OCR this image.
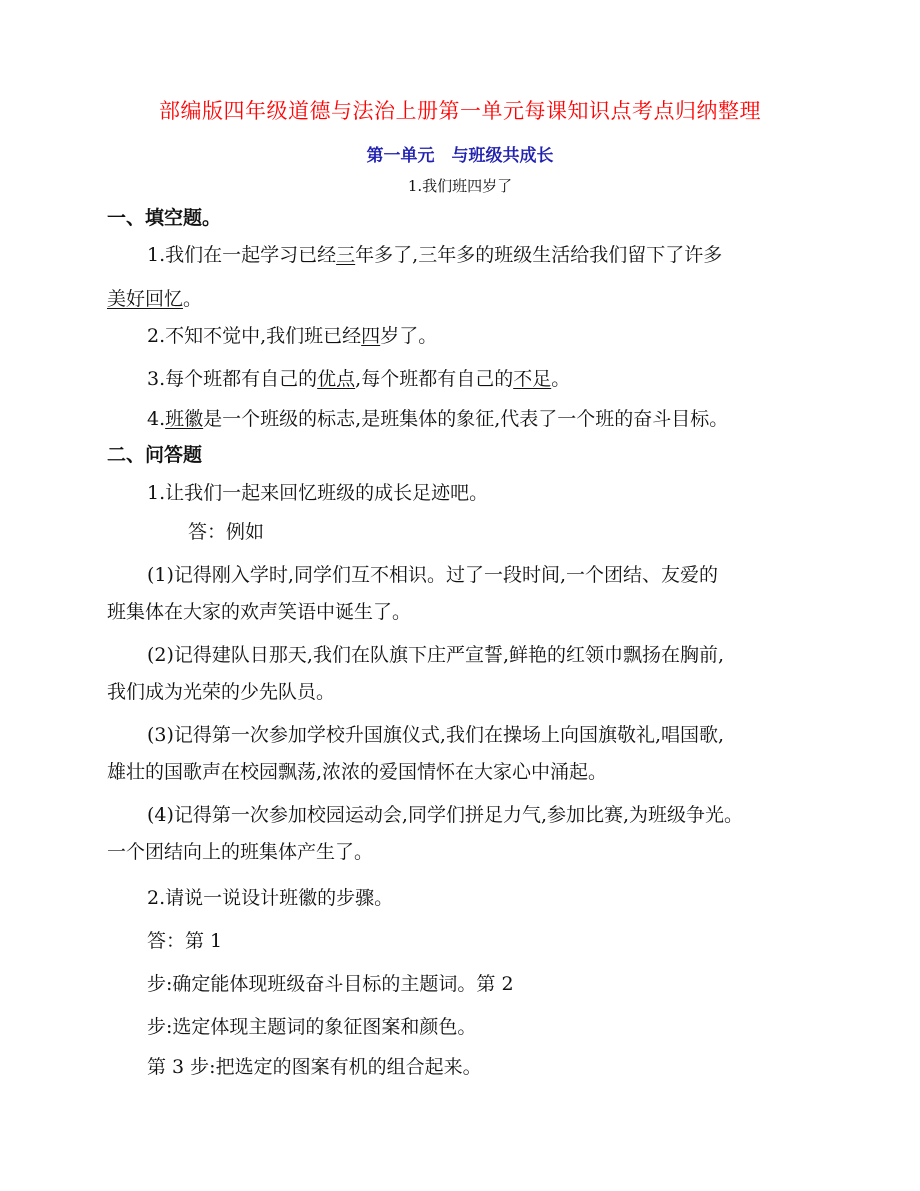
部编版四年级道德与法治上册第一单元每课知识点考点归纳整理
第一单元　与班级共成长
1.我们班四岁了
一、填空题。
1.我们在一起学习已经三年多了,三年多的班级生活给我们留下了许多
美好回忆。
2.不知不觉中,我们班已经四岁了。
3.每个班都有自己的优点,每个班都有自己的不足。
4.班徽是一个班级的标志,是班集体的象征,代表了一个班的奋斗目标。
二、问答题
1.让我们一起来回忆班级的成长足迹吧。
答：例如
(1)记得刚入学时,同学们互不相识。过了一段时间,一个团结、友爱的
班集体在大家的欢声笑语中诞生了。
(2)记得建队日那天,我们在队旗下庄严宣誓,鲜艳的红领巾飘扬在胸前,
我们成为光荣的少先队员。
(3)记得第一次参加学校升国旗仪式,我们在操场上向国旗敬礼,唱国歌,
雄壮的国歌声在校园飘荡,浓浓的爱国情怀在大家心中涌起。
(4)记得第一次参加校园运动会,同学们拼足力气,参加比赛,为班级争光。
一个团结向上的班集体产生了。
2.请说一说设计班徽的步骤。
答：第 1
步:确定能体现班级奋斗目标的主题词。第 2
步:选定体现主题词的象征图案和颜色。
第 3 步:把选定的图案有机的组合起来。
